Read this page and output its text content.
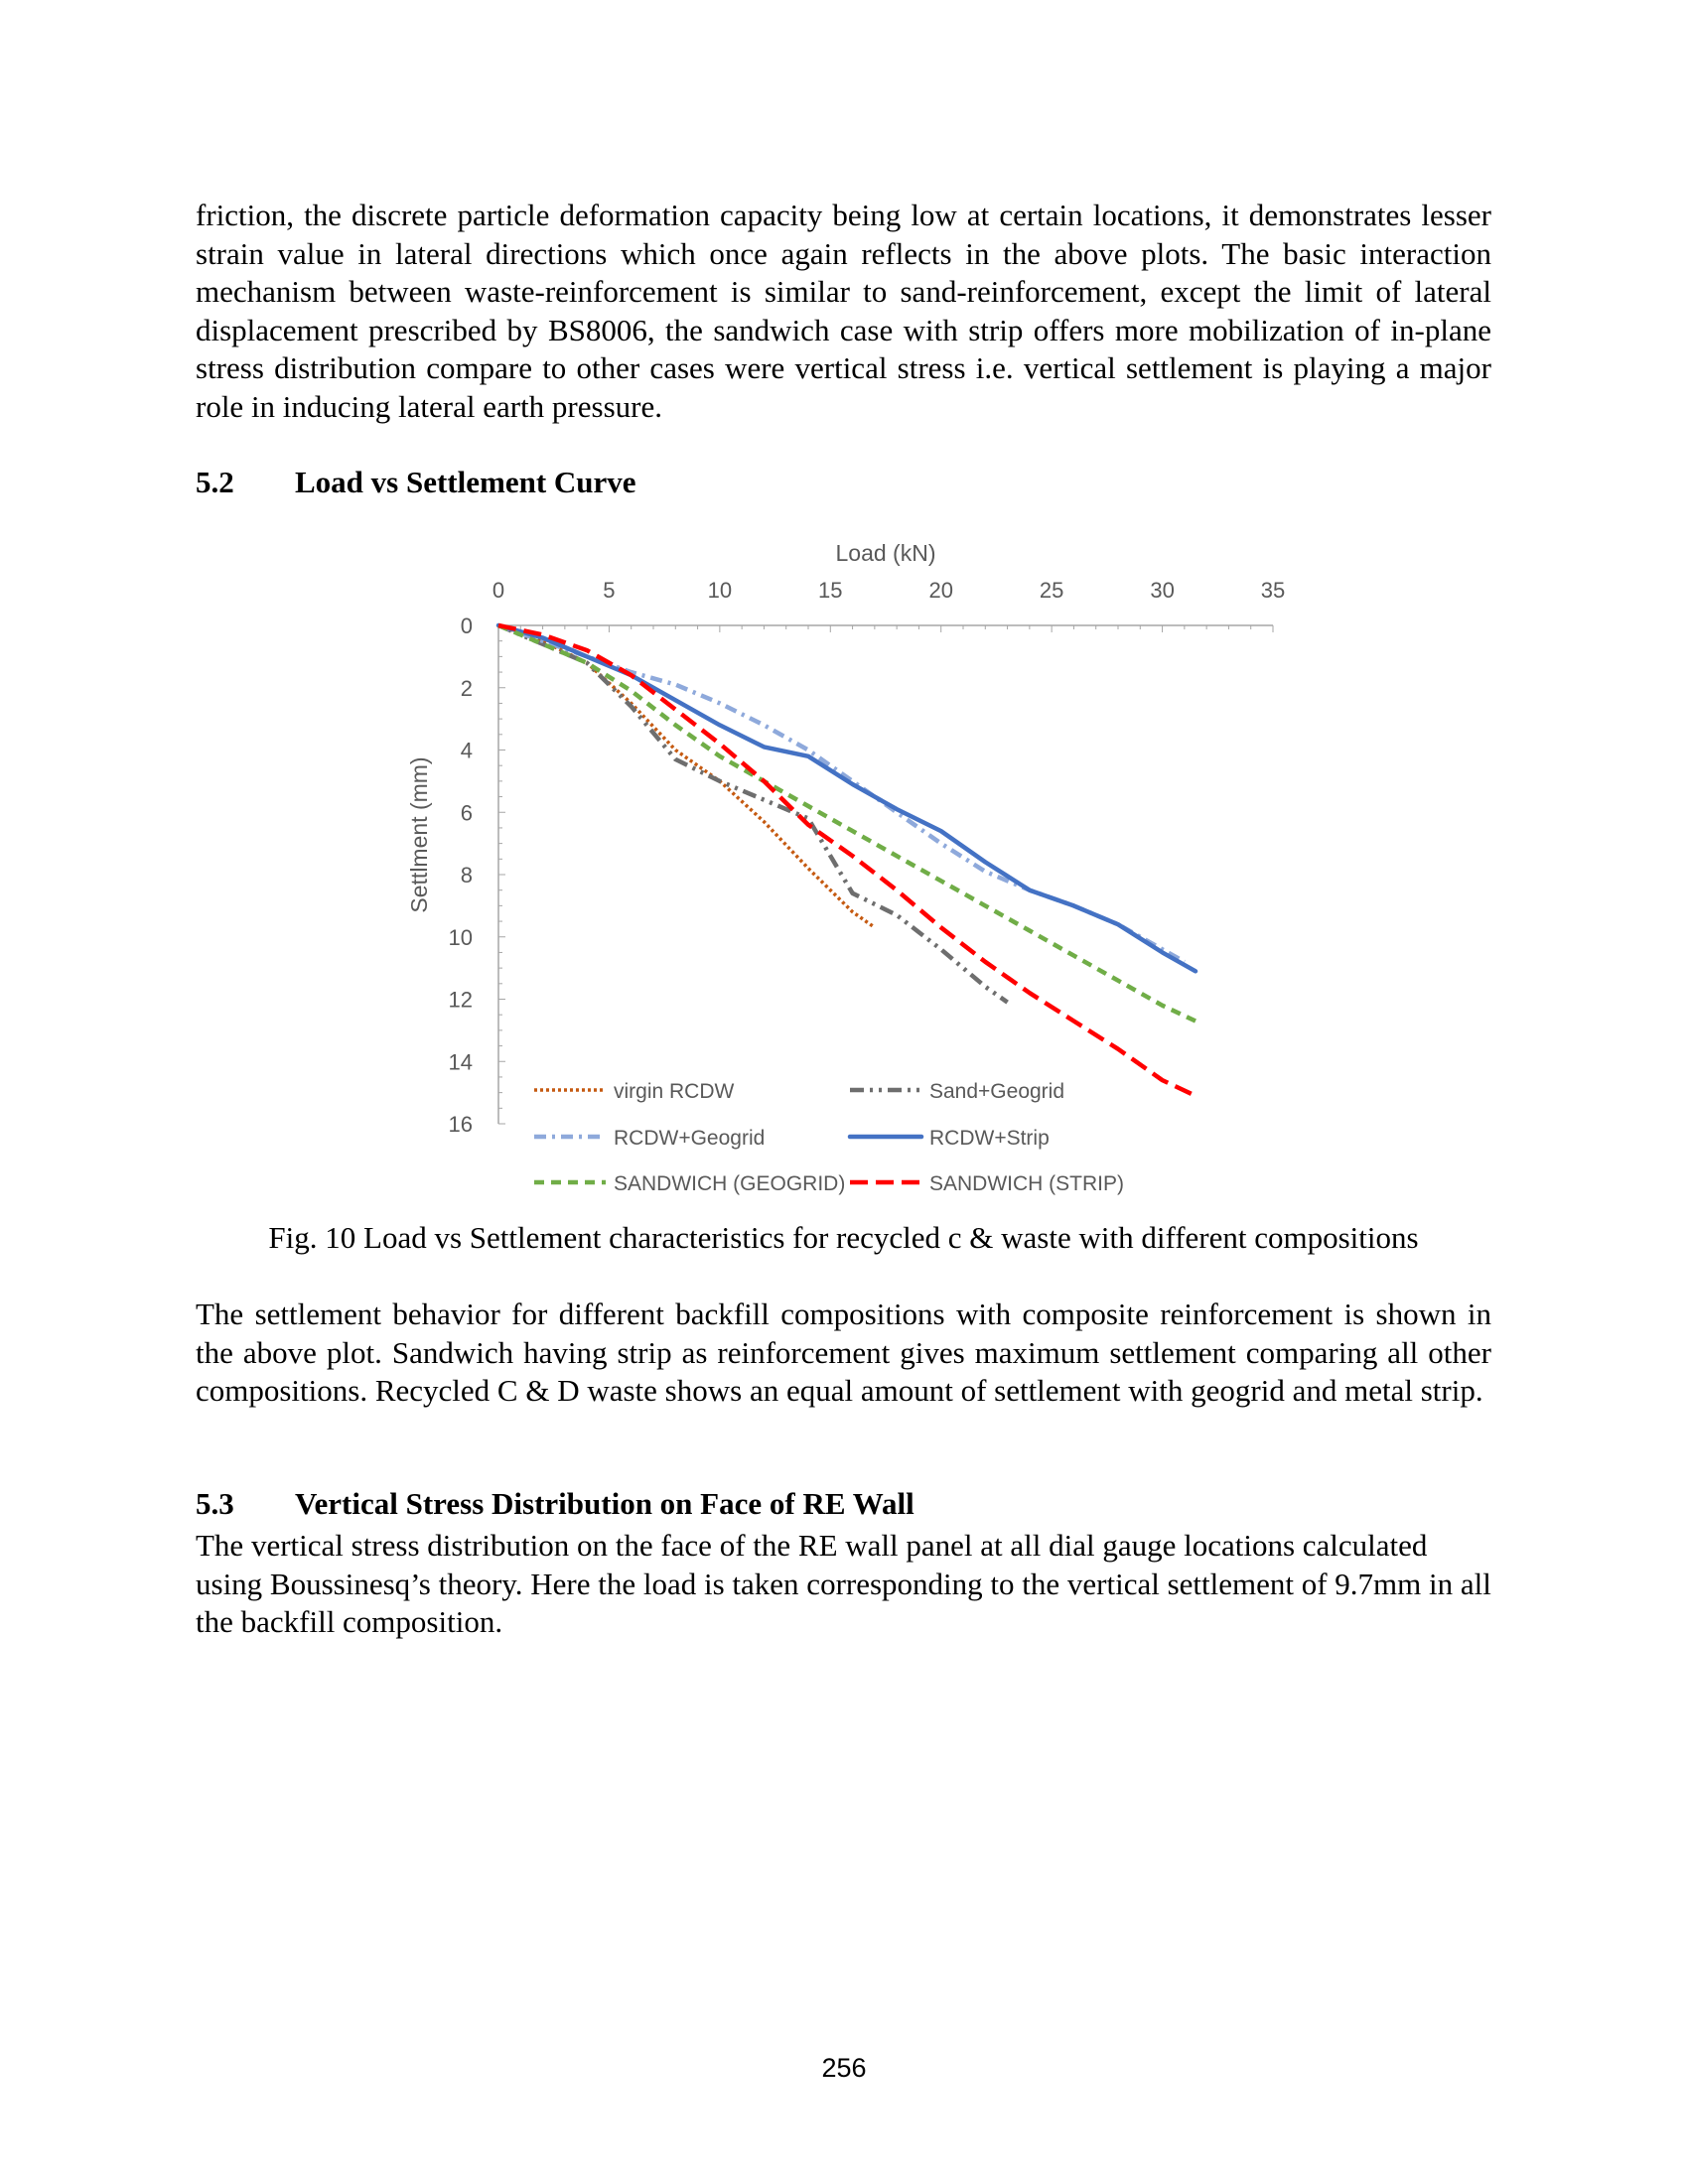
friction, the discrete particle deformation capacity being low at certain locations, it demonstrates lesser strain value in lateral directions which once again reflects in the above plots. The basic interaction mechanism between waste-reinforcement is similar to sand-reinforcement, except the limit of lateral displacement prescribed by BS8006, the sandwich case with strip offers more mobilization of in-plane stress distribution compare to other cases were vertical stress i.e. vertical settlement is playing a major role in inducing lateral earth pressure.

5.2 Load vs Settlement Curve
0	5	10	15	20	25	30	35
Load (kN)
0
2
4
6
8
10
12
14
16
Settlment (mm)
virgin RCDW	Sand+Geogrid
RCDW+Geogrid	RCDW+Strip
SANDWICH (GEOGRID)	SANDWICH (STRIP)

Fig. 10 Load vs Settlement characteristics for recycled c & waste with different compositions

The settlement behavior for different backfill compositions with composite reinforcement is shown in the above plot. Sandwich having strip as reinforcement gives maximum settlement comparing all other compositions. Recycled C & D waste shows an equal amount of settlement with geogrid and metal strip.

5.3 Vertical Stress Distribution on Face of RE Wall

The vertical stress distribution on the face of the RE wall panel at all dial gauge locations calculated using Boussinesq’s theory. Here the load is taken corresponding to the vertical settlement of 9.7mm in all the backfill composition.

256
